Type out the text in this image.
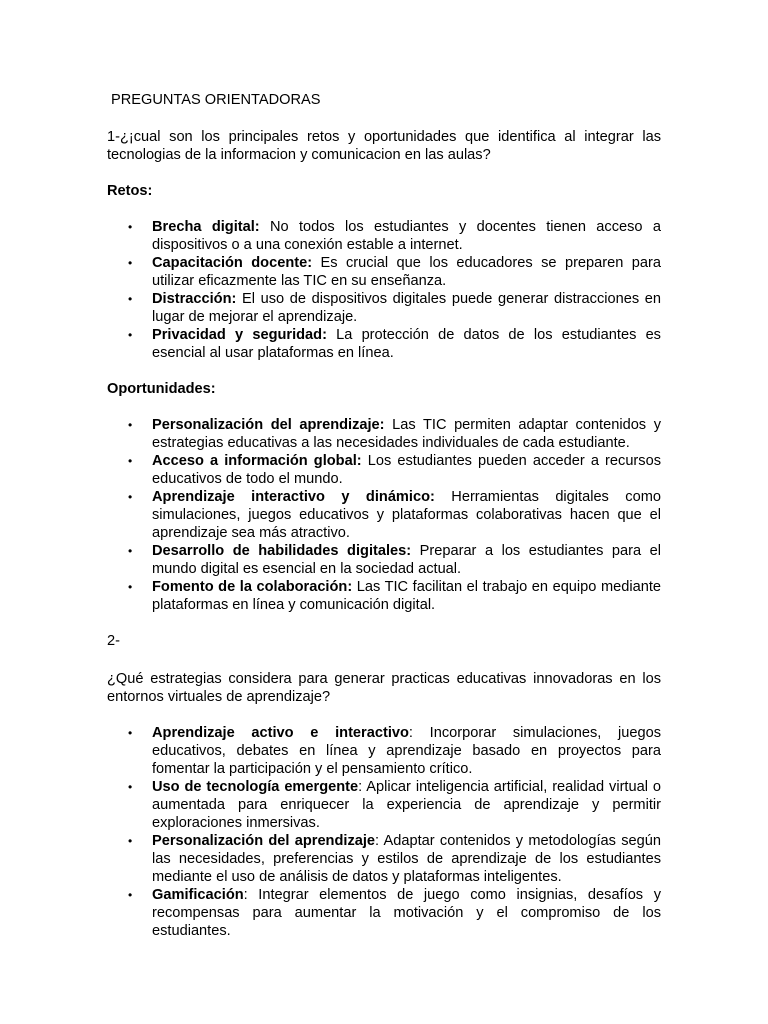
PREGUNTAS ORIENTADORAS

1-¿¡cual son los principales retos y oportunidades que identifica al integrar las tecnologias de la informacion y comunicacion en las aulas?

Retos:

• Brecha digital: No todos los estudiantes y docentes tienen acceso a dispositivos o a una conexión estable a internet.
• Capacitación docente: Es crucial que los educadores se preparen para utilizar eficazmente las TIC en su enseñanza.
• Distracción: El uso de dispositivos digitales puede generar distracciones en lugar de mejorar el aprendizaje.
• Privacidad y seguridad: La protección de datos de los estudiantes es esencial al usar plataformas en línea.

Oportunidades:

• Personalización del aprendizaje: Las TIC permiten adaptar contenidos y estrategias educativas a las necesidades individuales de cada estudiante.
• Acceso a información global: Los estudiantes pueden acceder a recursos educativos de todo el mundo.
• Aprendizaje interactivo y dinámico: Herramientas digitales como simulaciones, juegos educativos y plataformas colaborativas hacen que el aprendizaje sea más atractivo.
• Desarrollo de habilidades digitales: Preparar a los estudiantes para el mundo digital es esencial en la sociedad actual.
• Fomento de la colaboración: Las TIC facilitan el trabajo en equipo mediante plataformas en línea y comunicación digital.

2-

¿Qué estrategias considera para generar practicas educativas innovadoras en los entornos virtuales de aprendizaje?

• Aprendizaje activo e interactivo: Incorporar simulaciones, juegos educativos, debates en línea y aprendizaje basado en proyectos para fomentar la participación y el pensamiento crítico.
• Uso de tecnología emergente: Aplicar inteligencia artificial, realidad virtual o aumentada para enriquecer la experiencia de aprendizaje y permitir exploraciones inmersivas.
• Personalización del aprendizaje: Adaptar contenidos y metodologías según las necesidades, preferencias y estilos de aprendizaje de los estudiantes mediante el uso de análisis de datos y plataformas inteligentes.
• Gamificación: Integrar elementos de juego como insignias, desafíos y recompensas para aumentar la motivación y el compromiso de los estudiantes.
